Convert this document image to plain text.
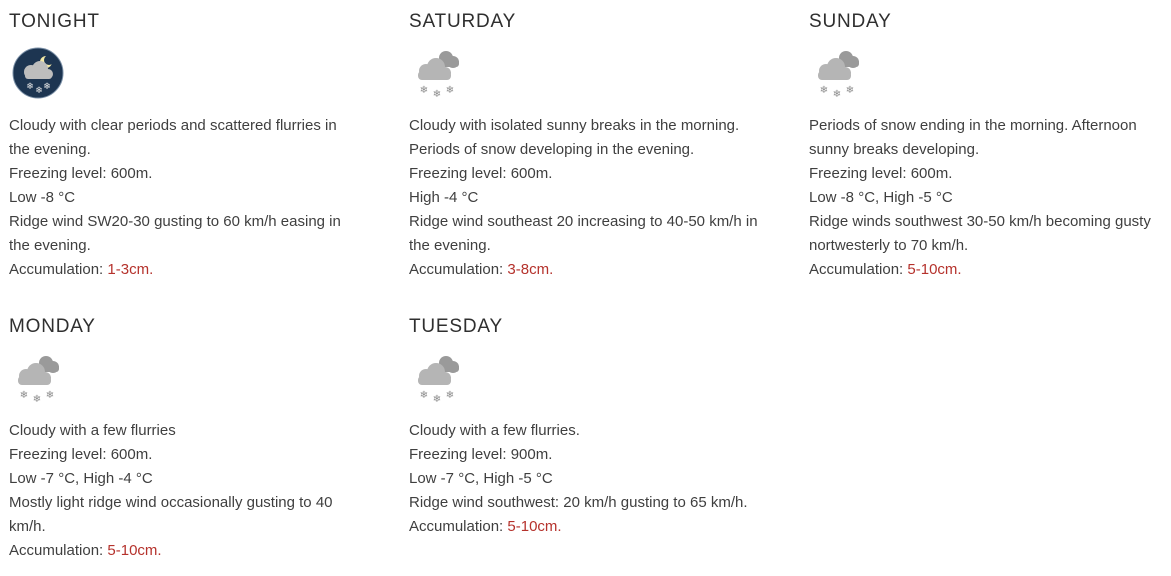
TONIGHT
❄ ❄ ❄
Cloudy with clear periods and scattered flurries in
the evening.
Freezing level: 600m.
Low -8 °C
Ridge wind SW20-30 gusting to 60 km/h easing in
the evening.
Accumulation: 1-3cm.
SATURDAY
❄ ❄ ❄
Cloudy with isolated sunny breaks in the morning.
Periods of snow developing in the evening.
Freezing level: 600m.
High -4 °C
Ridge wind southeast 20 increasing to 40-50 km/h in
the evening.
Accumulation: 3-8cm.
SUNDAY
❄ ❄ ❄
Periods of snow ending in the morning. Afternoon
sunny breaks developing.
Freezing level: 600m.
Low -8 °C, High -5 °C
Ridge winds southwest 30-50 km/h becoming gusty
nortwesterly to 70 km/h.
Accumulation: 5-10cm.
MONDAY
❄ ❄ ❄
Cloudy with a few flurries
Freezing level: 600m.
Low -7 °C, High -4 °C
Mostly light ridge wind occasionally gusting to 40
km/h.
Accumulation: 5-10cm.
TUESDAY
❄ ❄ ❄
Cloudy with a few flurries.
Freezing level: 900m.
Low -7 °C, High -5 °C
Ridge wind southwest: 20 km/h gusting to 65 km/h.
Accumulation: 5-10cm.
